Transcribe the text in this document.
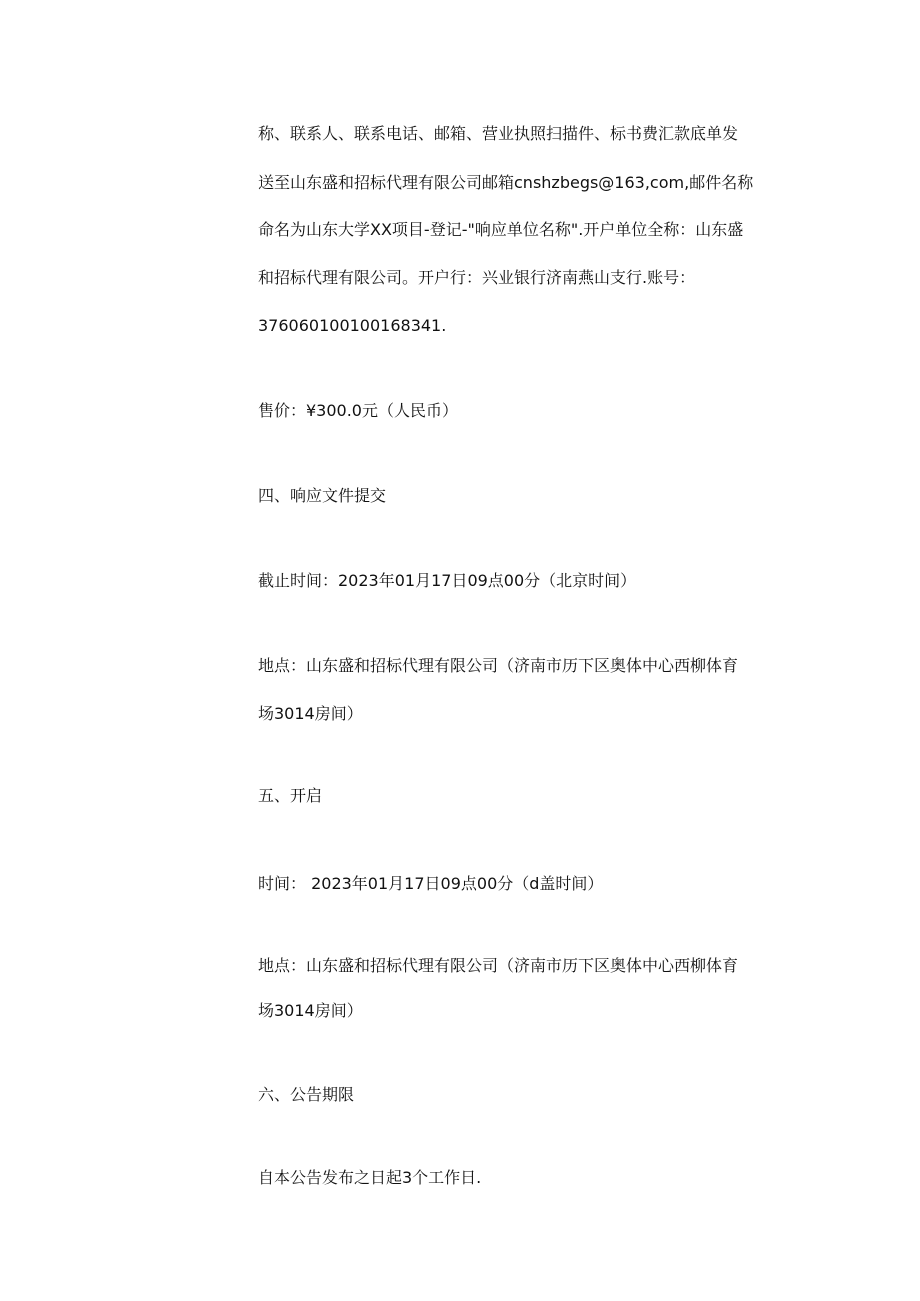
称、联系人、联系电话、邮箱、营业执照扫描件、标书费汇款底单发
送至山东盛和招标代理有限公司邮箱cnshzbegs@163,com,邮件名称
命名为山东大学XX项目-登记-"响应单位名称".开户单位全称：山东盛
和招标代理有限公司。开户行：兴业银行济南燕山支行.账号：
376060100100168341.
售价：¥300.0元（人民币）
四、响应文件提交
截止时间：2023年01月17日09点00分（北京时间）
地点：山东盛和招标代理有限公司（济南市历下区奥体中心西柳体育
场3014房间）
五、开启
时间： 2023年01月17日09点00分（d盖时间）
地点：山东盛和招标代理有限公司（济南市历下区奥体中心西柳体育
场3014房间）
六、公告期限
自本公告发布之日起3个工作日.
